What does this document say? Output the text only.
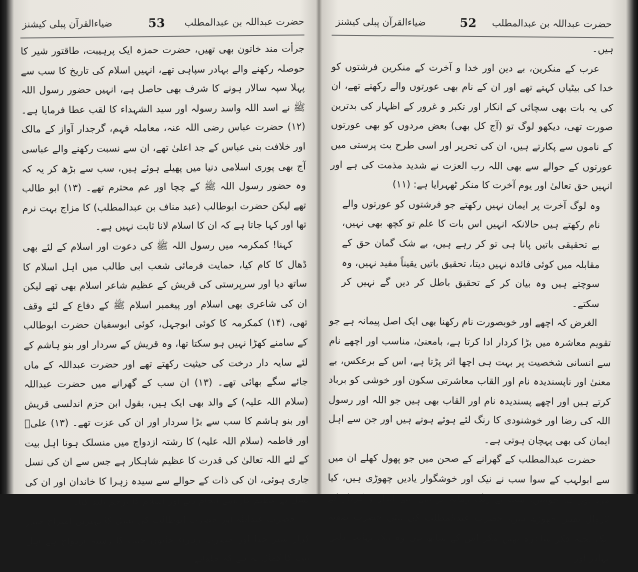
ضیاءالقرآن پبلی کیشنز	53 حضرت عبداللہ بن عبدالمطلب

جرأت مند خاتون بھی تھیں، حضرت حمزہ ایک پرہیبت، طاقتور شیر کا حوصلہ رکھنے والے بہادر سپاہی تھے، انہیں اسلام کی تاریخ کا سب سے پہلا سپہ سالار ہونے کا شرف بھی حاصل ہے، انہیں حضور رسول اللہ ﷺ نے اسد اللہ واسد رسولہ اور سید الشہداء کا لقب عطا فرمایا ہے۔ (۱۲) حضرت عباس رضی اللہ عنہ، معاملہ فہم، گرجدار آواز کے مالک اور خلافت بنی عباس کے جد اعلیٰ تھے، ان سے نسبت رکھنے والے عباسی آج بھی پوری اسلامی دنیا میں پھیلے ہوئے ہیں، سب سے بڑھ کر یہ کہ وہ حضور رسول اللہ ﷺ کے چچا اور عم محترم تھے۔ (۱۳) ابو طالب تھے لیکن حضرت ابوطالب (عبد مناف بن عبدالمطلب) کا مزاج بہت نرم تھا اور کہا جاتا ہے کہ ان کا اسلام لانا ثابت نہیں ہے۔

کہنا! کمکرمہ میں رسول اللہ ﷺ کی دعوت اور اسلام کے لئے بھی ڈھال کا کام کیا، حمایت فرمائی شعب ابی طالب میں اہل اسلام کا ساتھ دیا اور سرپرستی کی قریش کے عظیم شاعر اسلام بھی تھے لیکن ان کی شاعری بھی اسلام اور پیغمبر اسلام ﷺ کے دفاع کے لئے وقف تھی، (۱۴) کمکرمہ کا کوئی ابوجہل، کوئی ابوسفیان حضرت ابوطالب کے سامنے کھڑا نہیں ہو سکتا تھا، وہ قریش کے سردار اور بنو ہاشم کے لئے سایہ دار درخت کی حیثیت رکھتے تھے اور حضرت عبداللہ کے ماں جائے سگے بھائی تھے۔ (۱۳) ان سب کے گھرانے میں حضرت عبداللہ (سلام اللہ علیہ) کے والد بھی ایک ہیں، بقول ابن حزم اندلسی قریش اور بنو ہاشم کا سب سے بڑا سردار اور ان کی عزت تھے۔ (۱۳) علیؓ اور فاطمہ (سلام اللہ علیہ) کا رشتہ ازدواج میں منسلک ہونا اہل بیت کے لئے اللہ تعالیٰ کی قدرت کا عظیم شاہکار ہے جس سے ان کی نسل جاری ہوئی، ان کی ذات کے حوالے سے سیدہ زہرا کا خاندان اور ان کی نسل نے عظیم کارنامے انجام دیے اور اسلام کا پرچم بلند کیا۔

حضرت عبداللہ اور حضرت ابوطالب کی نسل کا بہترین امتزاج حیدر کرار شیر خدا اور حضرت زہراء خاتون جنت کا رشتہ ازدواج ہے اہل بیت کا کمال یہ ہے کہ خلفائے

ضیاءالقرآن پبلی کیشنز	52 حضرت عبداللہ بن عبدالمطلب

ہیں۔

عرب کے منکرین، بے دین اور خدا و آخرت کے منکرین فرشتوں کو خدا کی بیٹیاں کہتے تھے اور ان کے نام بھی عورتوں والے رکھتے تھے، ان کی یہ بات بھی سچائی کے انکار اور تکبر و غرور کے اظہار کی بدترین صورت تھی، دیکھو لوگ تو (آج کل بھی) بعض مردوں کو بھی عورتوں کے ناموں سے پکارتے ہیں، ان کی تحریر اور اسی طرح بت پرستی میں عورتوں کے حوالے سے بھی اللہ رب العزت نے شدید مذمت کی ہے اور انہیں حق تعالیٰ اور یوم آخرت کا منکر ٹھہرایا ہے: (۱۱)

وہ لوگ آخرت پر ایمان نہیں رکھتے جو فرشتوں کو عورتوں والے نام رکھتے ہیں حالانکہ انہیں اس بات کا علم تو کچھ بھی نہیں، بے تحقیقی باتیں پانا ہی تو کر رہے ہیں، بے شک گمان حق کے مقابلہ میں کوئی فائدہ نہیں دیتا، تحقیق باتیں یقیناً مفید نہیں، وہ سوچتے ہیں وہ بیان کر کے تحقیق باطل کر دیں گے نہیں کر سکتے۔

الغرض کہ اچھے اور خوبصورت نام رکھنا بھی ایک اصل پیمانہ ہے جو تقویم معاشرہ میں بڑا کردار ادا کرتا ہے، بامعنیٰ، مناسب اور اچھے نام سے انسانی شخصیت پر بہت ہی اچھا اثر پڑتا ہے، اس کے برعکس، بے معنیٰ اور ناپسندیدہ نام اور القاب معاشرتی سکون اور خوشی کو برباد کرتے ہیں اور اچھے پسندیدہ نام اور القاب بھی ہیں جو اللہ اور رسول اللہ کی رضا اور خوشنودی کا رنگ لئے ہوئے ہوتے ہیں اور جن سے اہل ایمان کی بھی پہچان ہوتی ہے۔

حضرت عبدالمطلب کے گھرانے کے صحن میں جو پھول کھلے ان میں سے ابولہب کے سوا سب نے نیک اور خوشگوار یادیں چھوڑی ہیں، کیا مرد اور کیا خواتین، سب نے رنگ زمانہ پر اپنے اپنے انداز و کردار کے لازوال نقش چھوڑے ہیں، حضرت عبدالمطلب کی بیٹی حضرت صفیہ ایک پختہ فکر شاعرہ تھیں مگر اس کے ساتھ ہی وہ ایک نہایت دلیر، بہادر اور
